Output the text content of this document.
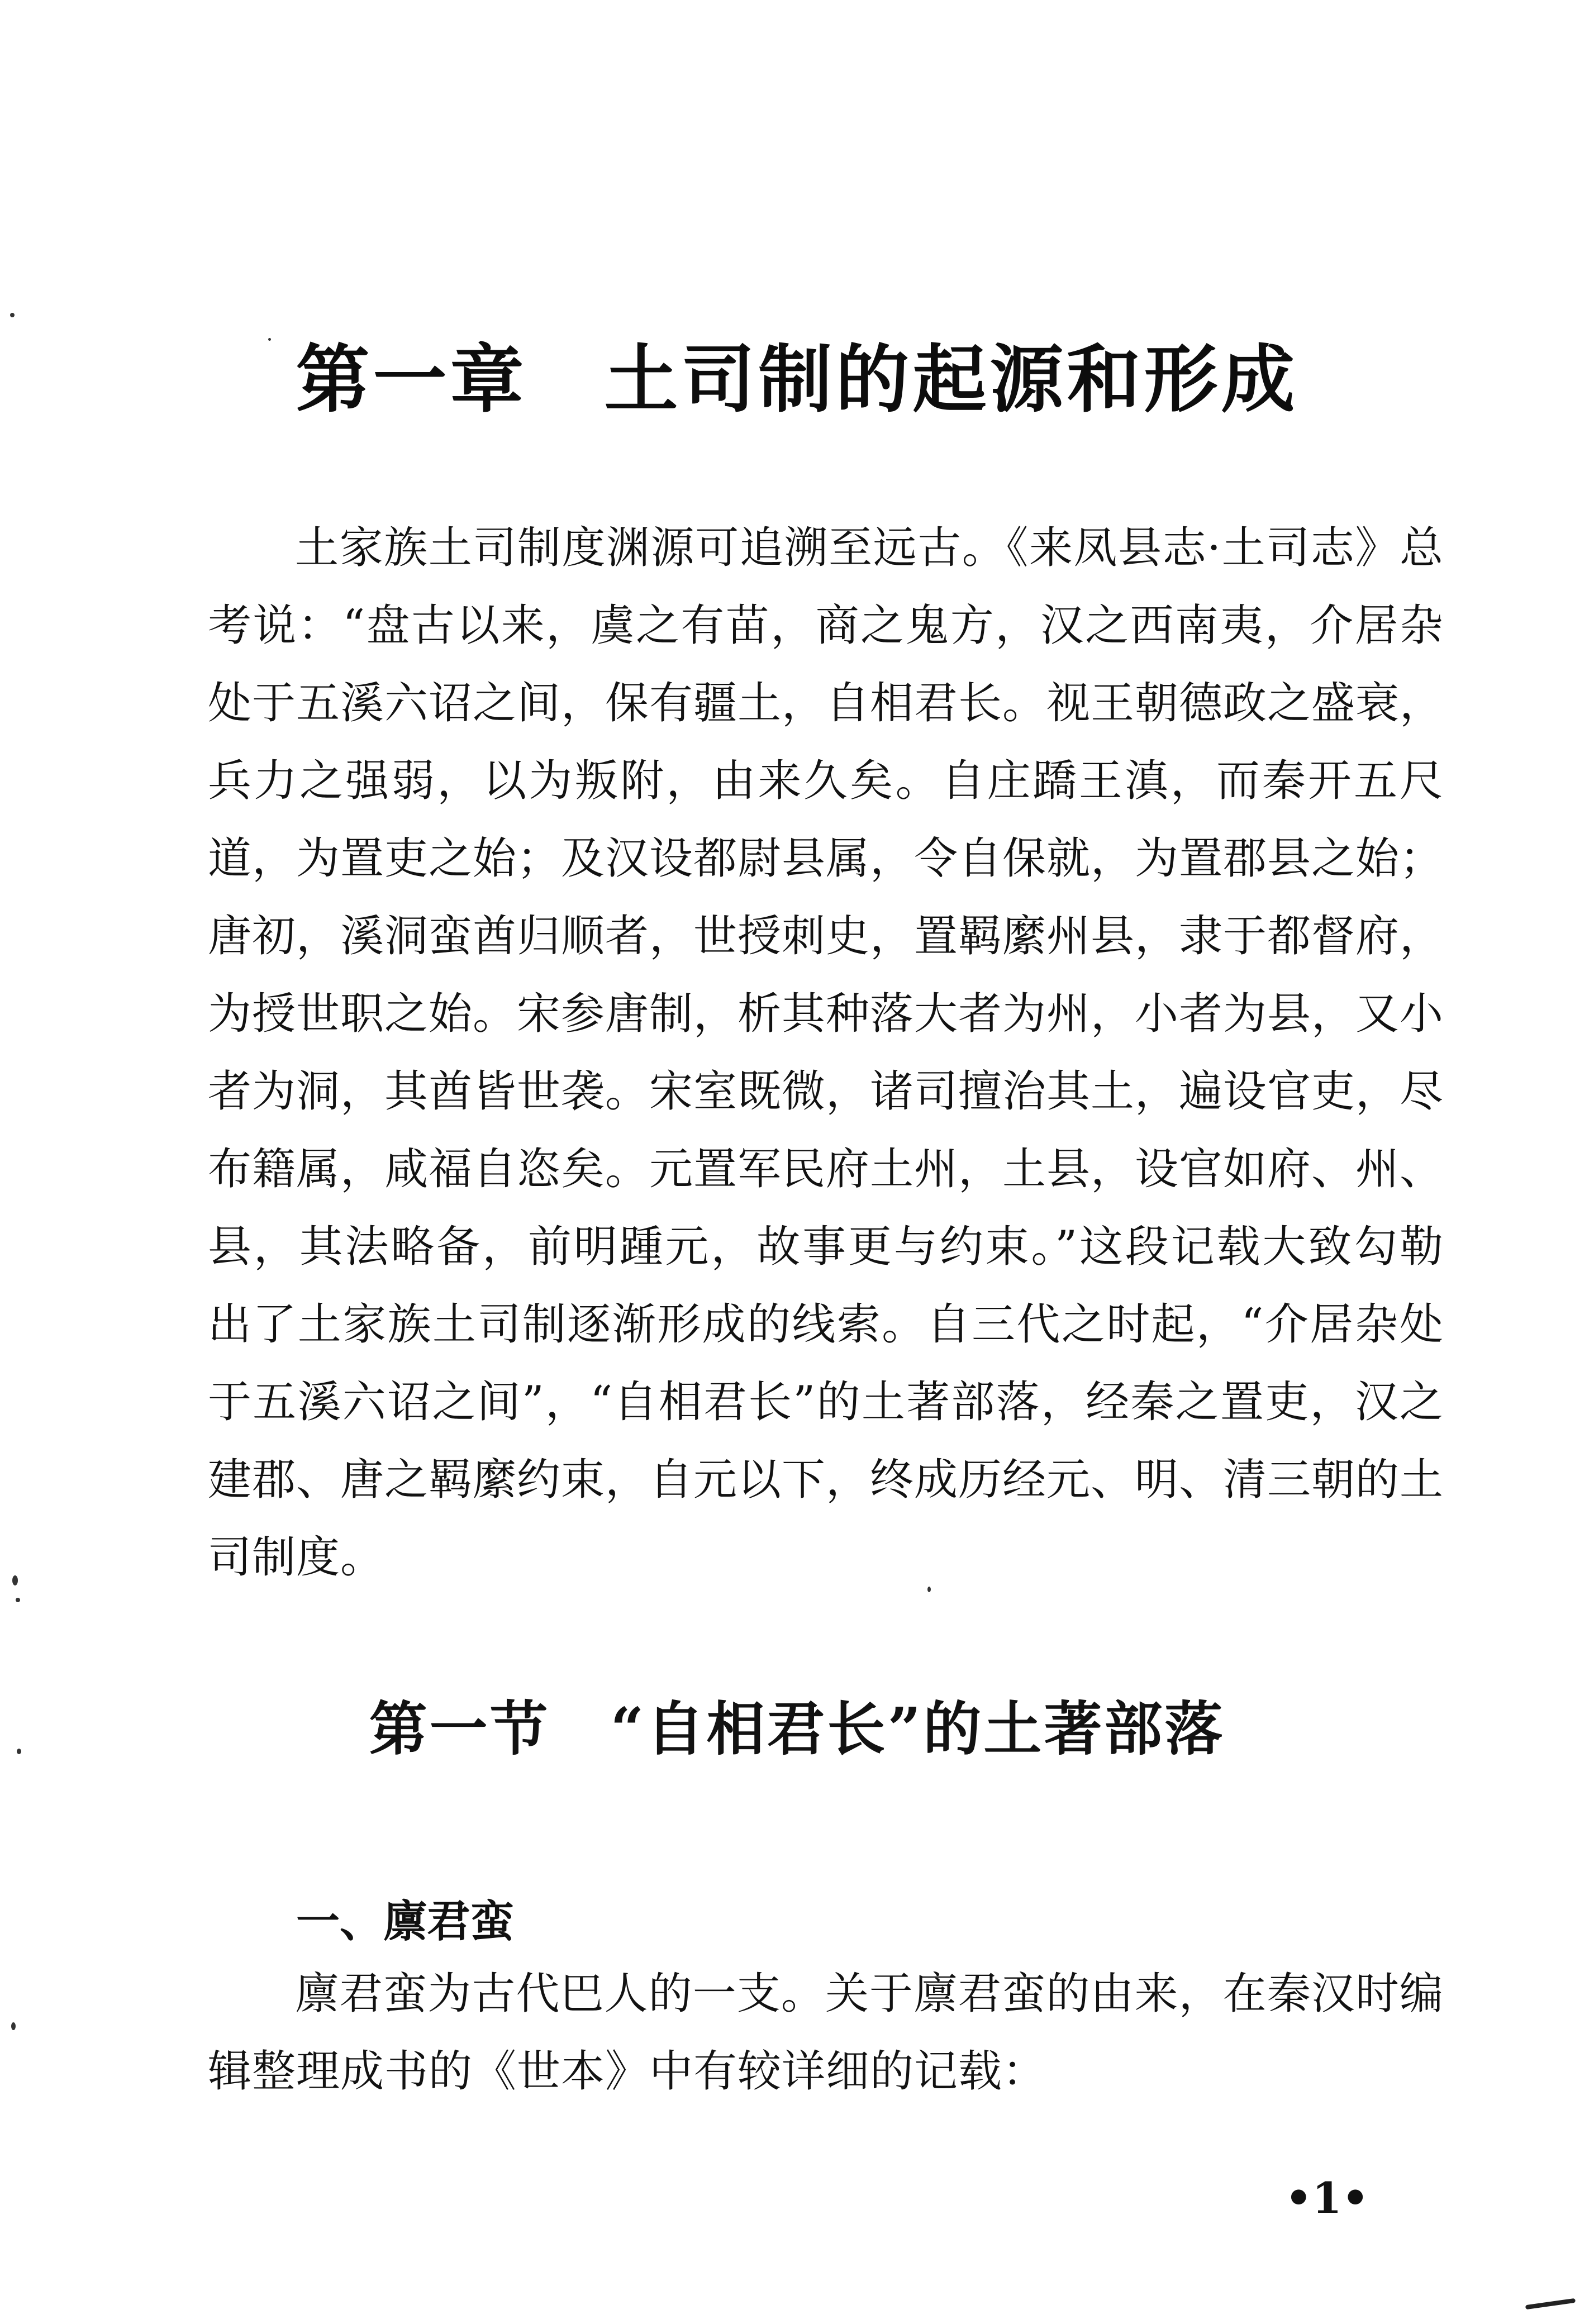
第一章　土司制的起源和形成

土家族土司制度渊源可追溯至远古。《来凤县志·土司志》总考说：“盘古以来，虞之有苗，商之鬼方，汉之西南夷，介居杂处于五溪六诏之间，保有疆土，自相君长。视王朝德政之盛衰，兵力之强弱，以为叛附，由来久矣。自庄蹻王滇，而秦开五尺道，为置吏之始；及汉设都尉县属，令自保就，为置郡县之始；唐初，溪洞蛮酋归顺者，世授刺史，置羁縻州县，隶于都督府，为授世职之始。宋参唐制，析其种落大者为州，小者为县，又小者为洞，其酋皆世袭。宋室既微，诸司擅治其土，遍设官吏，尽布籍属，咸福自恣矣。元置军民府土州，土县，设官如府、州、县，其法略备，前明踵元，故事更与约束。”这段记载大致勾勒出了土家族土司制逐渐形成的线索。自三代之时起，“介居杂处于五溪六诏之间”，“自相君长”的土著部落，经秦之置吏，汉之建郡、唐之羁縻约束，自元以下，终成历经元、明、清三朝的土司制度。

第一节　“自相君长”的土著部落
一、廪君蛮

廪君蛮为古代巴人的一支。关于廪君蛮的由来，在秦汉时编辑整理成书的《世本》中有较详细的记载：

•1•
